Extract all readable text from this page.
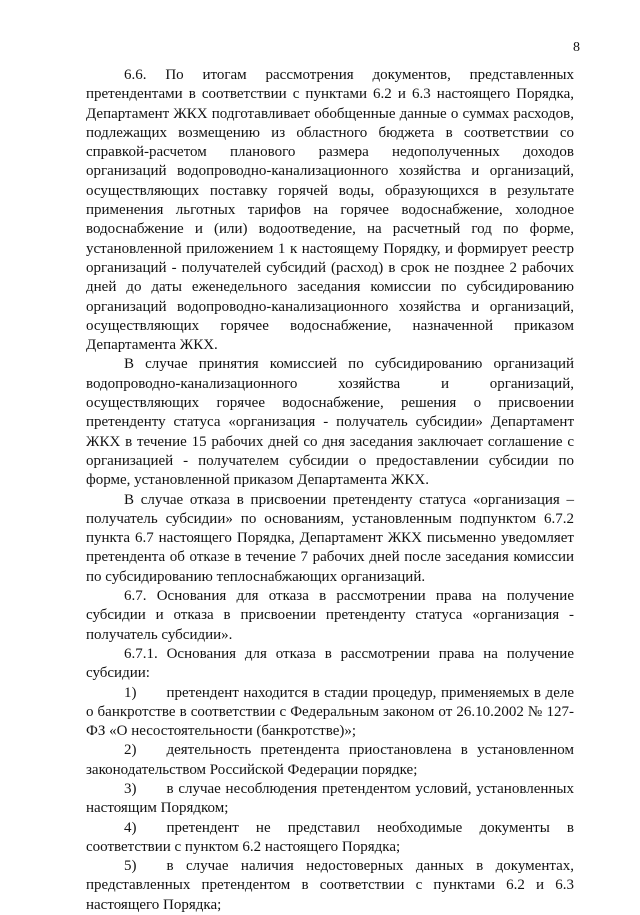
8

6.6. По итогам рассмотрения документов, представленных претендентами в соответствии с пунктами 6.2 и 6.3 настоящего Порядка, Департамент ЖКХ подготавливает обобщенные данные о суммах расходов, подлежащих возмещению из областного бюджета в соответствии со справкой-расчетом планового размера недополученных доходов организаций водопроводно-канализационного хозяйства и организаций, осуществляющих поставку горячей воды, образующихся в результате применения льготных тарифов на горячее водоснабжение, холодное водоснабжение и (или) водоотведение, на расчетный год по форме, установленной приложением 1 к настоящему Порядку, и формирует реестр организаций - получателей субсидий (расход) в срок не позднее 2 рабочих дней до даты еженедельного заседания комиссии по субсидированию организаций водопроводно-канализационного хозяйства и организаций, осуществляющих горячее водоснабжение, назначенной приказом Департамента ЖКХ.

В случае принятия комиссией по субсидированию организаций водопроводно-канализационного хозяйства и организаций, осуществляющих горячее водоснабжение, решения о присвоении претенденту статуса «организация - получатель субсидии» Департамент ЖКХ в течение 15 рабочих дней со дня заседания заключает соглашение с организацией - получателем субсидии о предоставлении субсидии по форме, установленной приказом Департамента ЖКХ.

В случае отказа в присвоении претенденту статуса «организация – получатель субсидии» по основаниям, установленным подпунктом 6.7.2 пункта 6.7 настоящего Порядка, Департамент ЖКХ письменно уведомляет претендента об отказе в течение 7 рабочих дней после заседания комиссии по субсидированию теплоснабжающих организаций.

6.7. Основания для отказа в рассмотрении права на получение субсидии и отказа в присвоении претенденту статуса «организация - получатель субсидии».

6.7.1. Основания для отказа в рассмотрении права на получение субсидии:

1)  претендент находится в стадии процедур, применяемых в деле о банкротстве в соответствии с Федеральным законом от 26.10.2002 № 127-ФЗ «О несостоятельности (банкротстве)»;

2)  деятельность претендента приостановлена в установленном законодательством Российской Федерации порядке;

3)  в случае несоблюдения претендентом условий, установленных настоящим Порядком;

4)  претендент не представил необходимые документы в соответствии с пунктом 6.2 настоящего Порядка;

5)  в случае наличия недостоверных данных в документах, представленных претендентом в соответствии с пунктами 6.2 и 6.3 настоящего Порядка;
